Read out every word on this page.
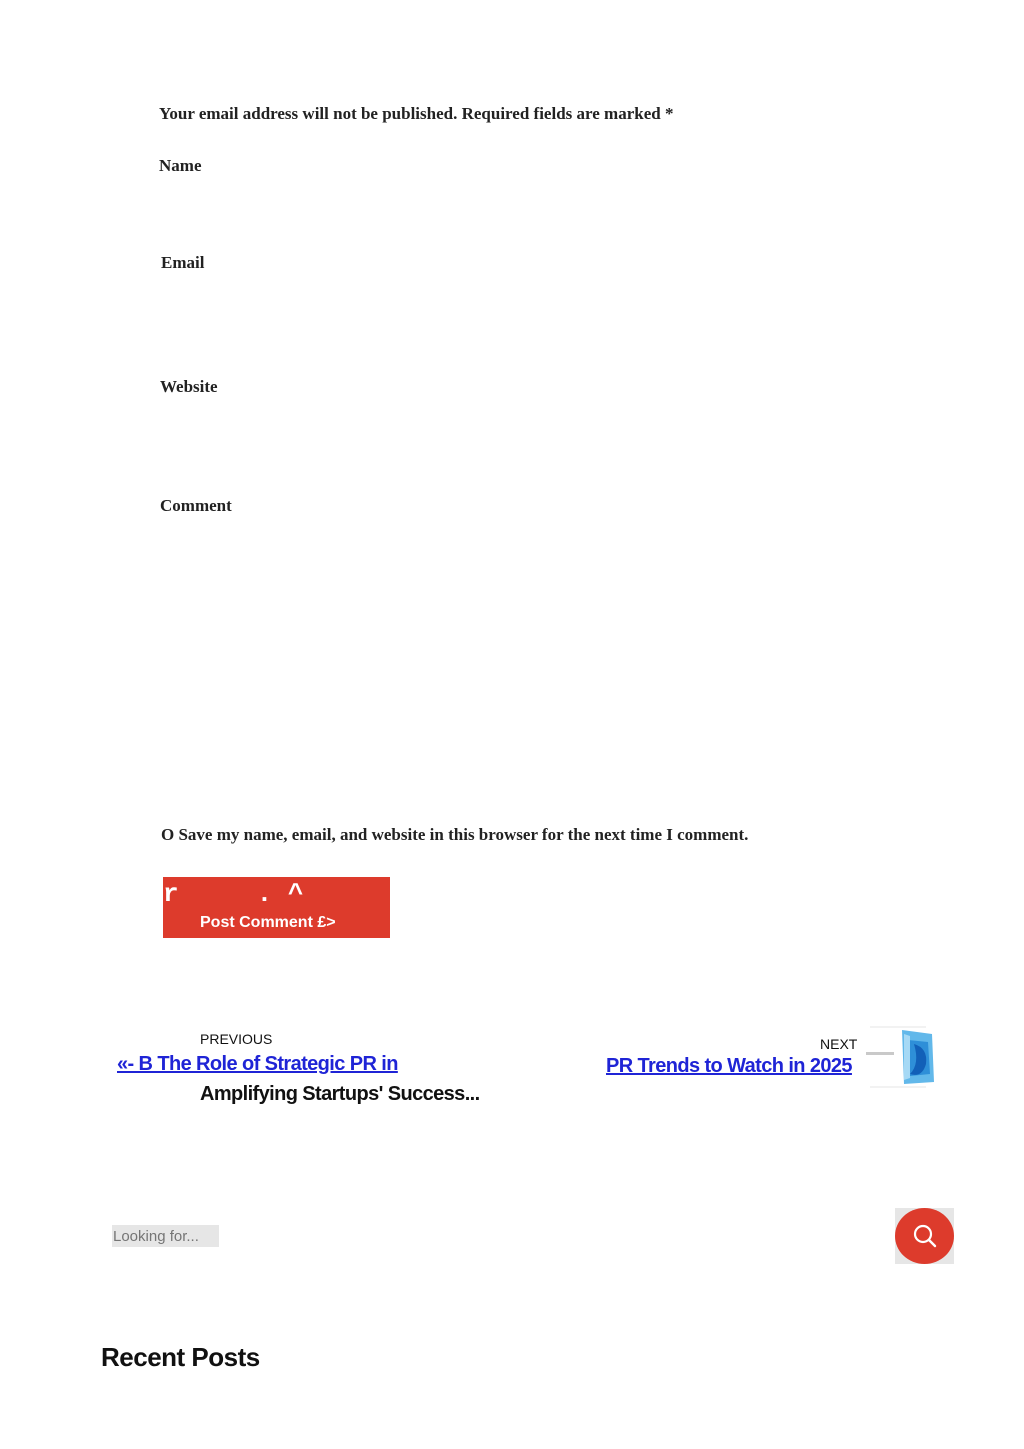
Your email address will not be published. Required fields are marked *

Name
Email
Website
Comment
O Save my name, email, and website in this browser for the next time I comment.
r     . ^
Post Comment £>
PREVIOUS
«- B The Role of Strategic PR in
Amplifying Startups' Success...
NEXT
PR Trends to Watch in 2025
Looking for...
Recent Posts
